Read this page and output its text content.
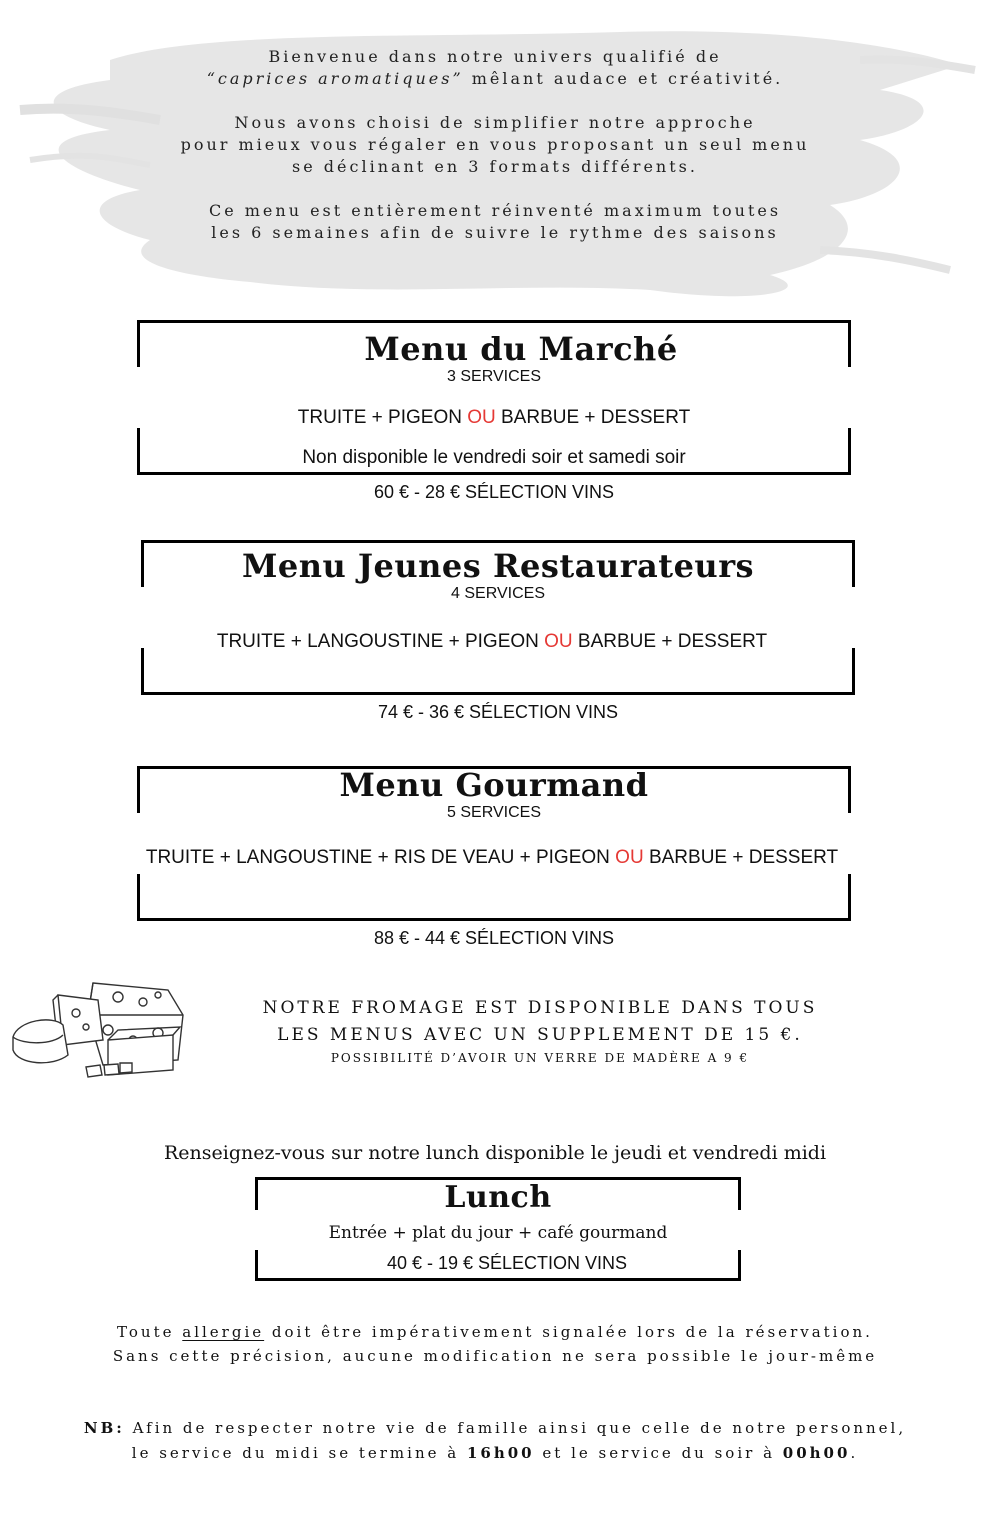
Bienvenue dans notre univers qualifié de
“caprices aromatiques” mêlant audace et créativité.
Nous avons choisi de simplifier notre approche
pour mieux vous régaler en vous proposant un seul menu
se déclinant en 3 formats différents.
Ce menu est entièrement réinventé maximum toutes
les 6 semaines afin de suivre le rythme des saisons
Menu du Marché
3 SERVICES
TRUITE + PIGEON OU BARBUE + DESSERT
Non disponible le vendredi soir et samedi soir
60 € - 28 € SÉLECTION VINS
Menu Jeunes Restaurateurs
4 SERVICES
TRUITE + LANGOUSTINE + PIGEON OU BARBUE + DESSERT
74 € - 36 € SÉLECTION VINS
Menu Gourmand
5 SERVICES
TRUITE + LANGOUSTINE + RIS DE VEAU + PIGEON OU BARBUE + DESSERT
88 € - 44 € SÉLECTION VINS
NOTRE FROMAGE EST DISPONIBLE DANS TOUS
LES MENUS AVEC UN SUPPLEMENT DE 15 €.
POSSIBILITÉ D’AVOIR UN VERRE DE MADÈRE A 9 €
Renseignez-vous sur notre lunch disponible le jeudi et vendredi midi
Lunch
Entrée + plat du jour + café gourmand
40 € - 19 € SÉLECTION VINS
Toute allergie doit être impérativement signalée lors de la réservation.
Sans cette précision, aucune modification ne sera possible le jour-même
NB: Afin de respecter notre vie de famille ainsi que celle de notre personnel,
le service du midi se termine à 16h00 et le service du soir à 00h00.
